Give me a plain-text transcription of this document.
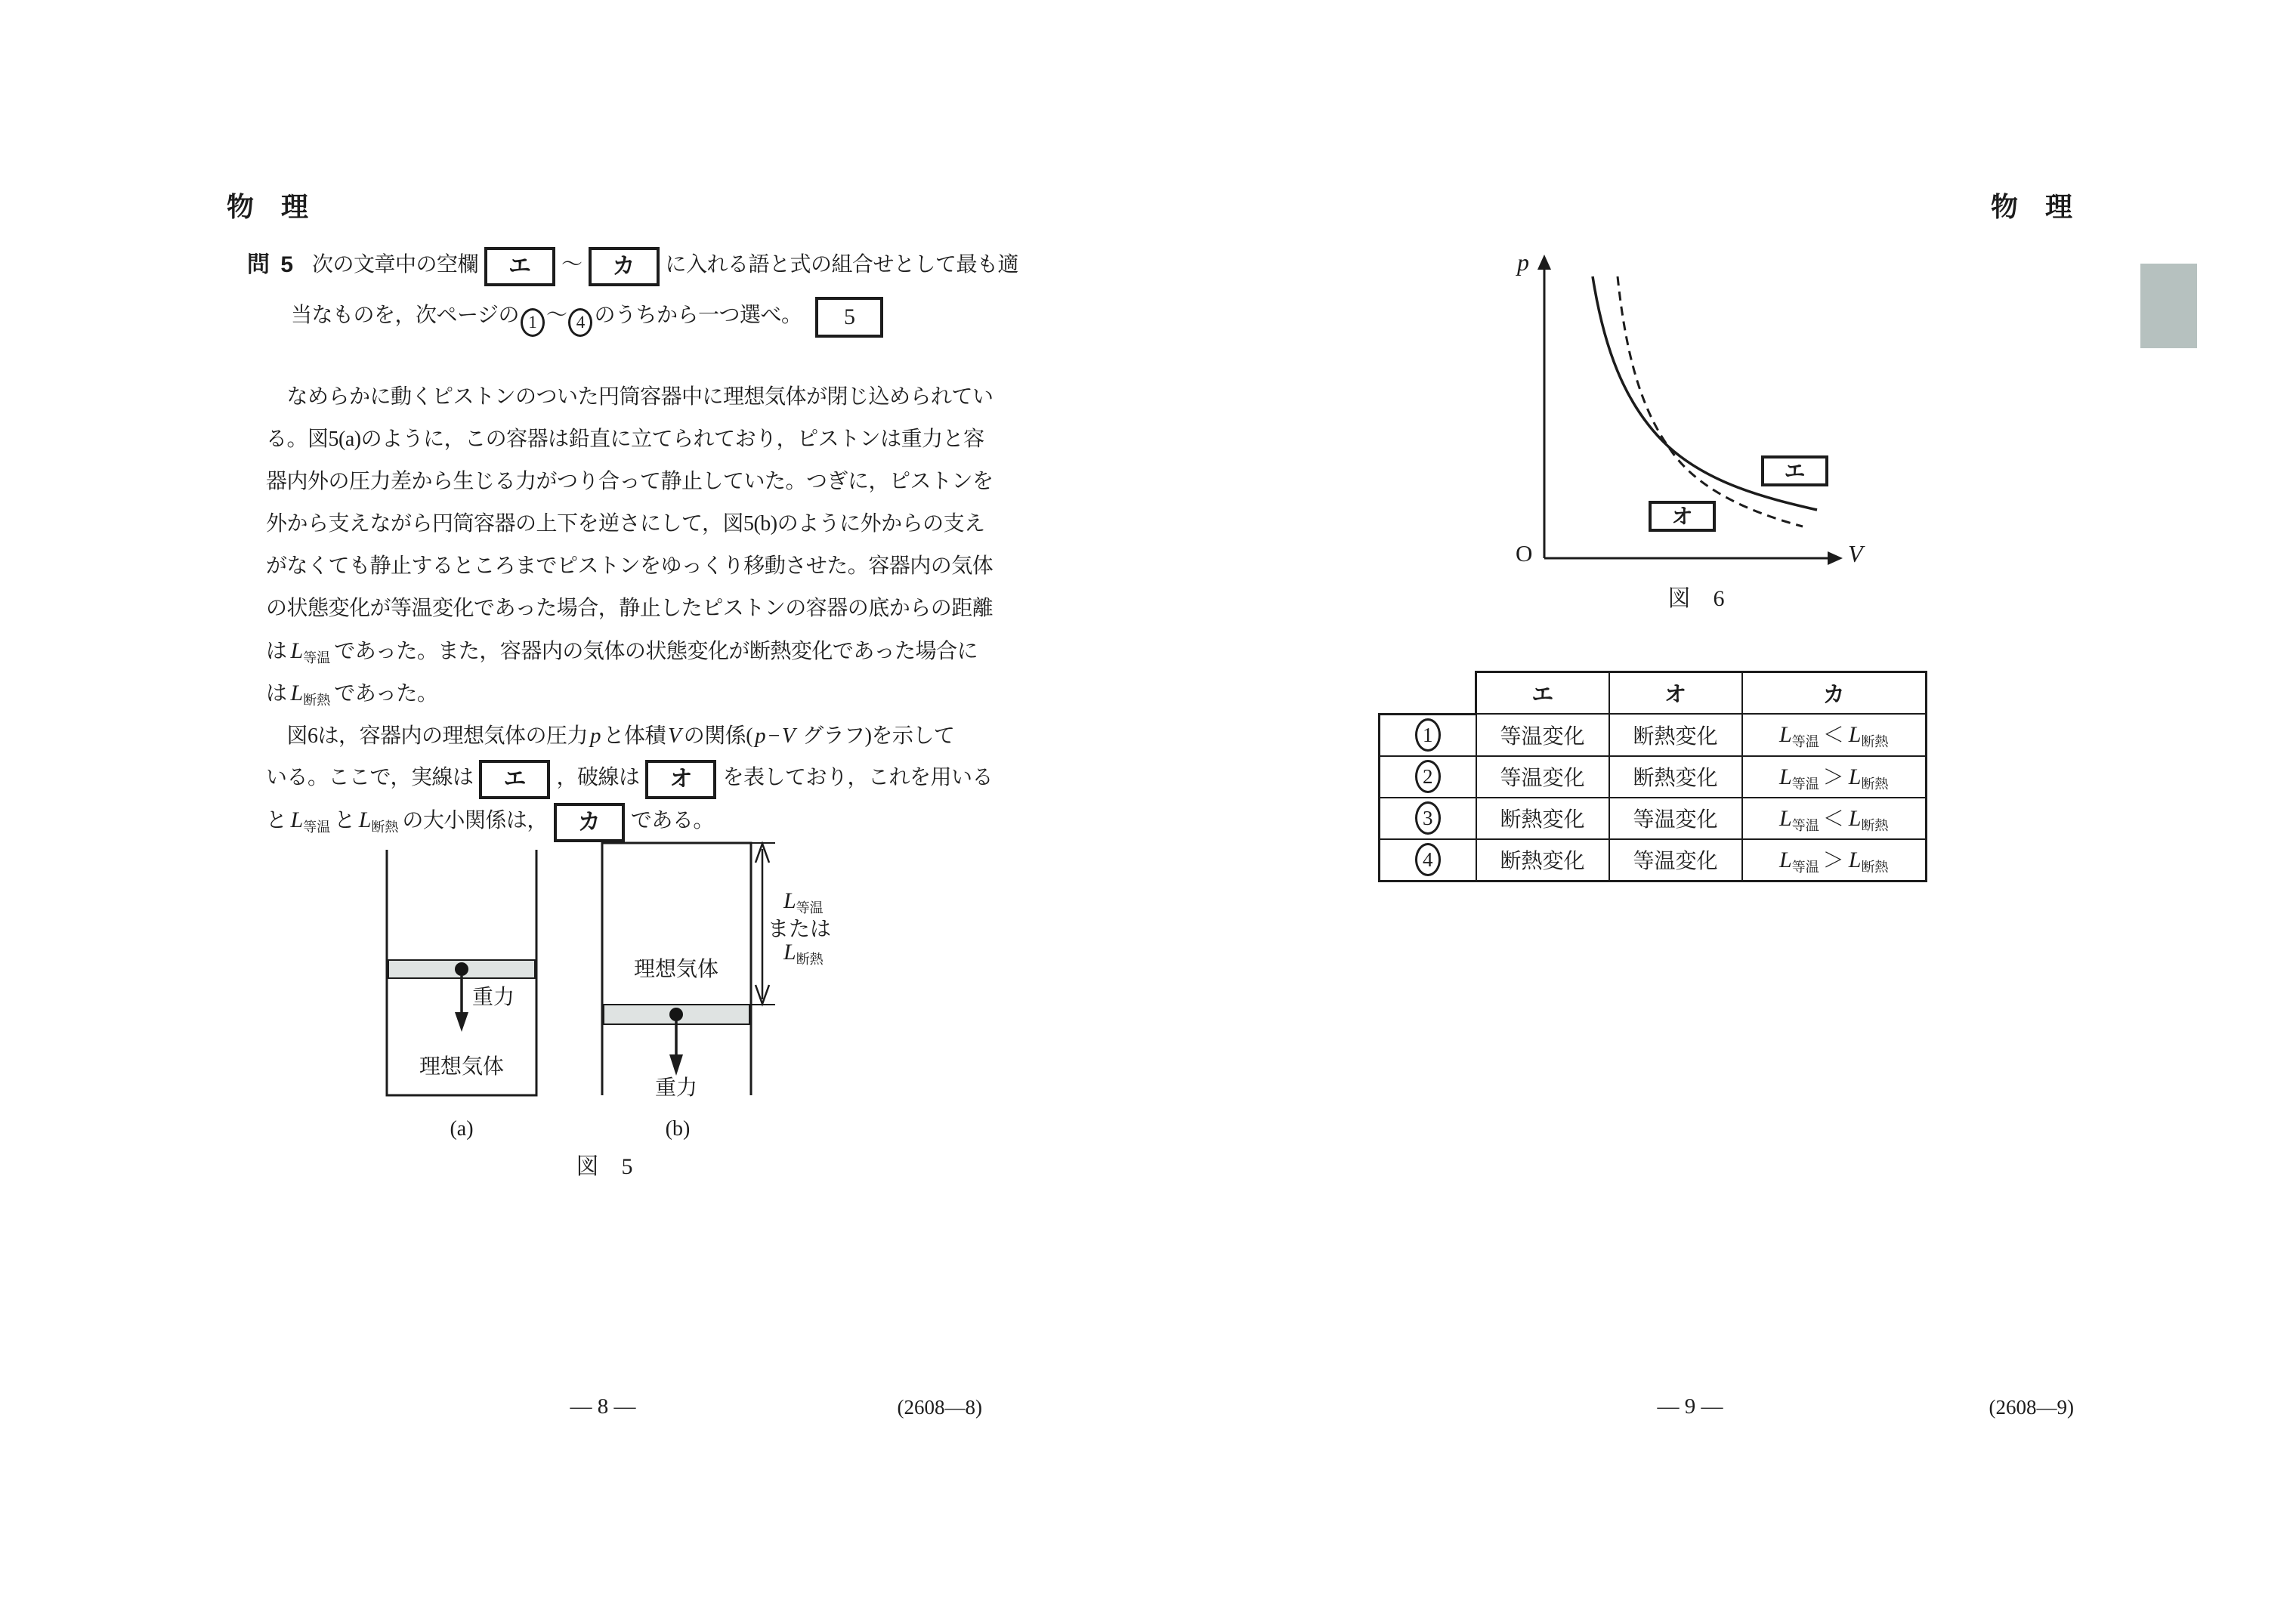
物　理
問 5 次の文章中の空欄 エ ～ カ に入れる語と式の組合せとして最も適
当なものを，次ページの 1 ～ 4 のうちから一つ選べ。 5
　なめらかに動くピストンのついた円筒容器中に理想気体が閉じ込められてい
る。図5(a)のように，この容器は鉛直に立てられており，ピストンは重力と容
器内外の圧力差から生じる力がつり合って静止していた。つぎに，ピストンを
外から支えながら円筒容器の上下を逆さにして，図5(b)のように外からの支え
がなくても静止するところまでピストンをゆっくり移動させた。容器内の気体
の状態変化が等温変化であった場合，静止したピストンの容器の底からの距離
は $L_{等温}$ であった。また，容器内の気体の状態変化が断熱変化であった場合に
は $L_{断熱}$ であった。
　図6は，容器内の理想気体の圧力 p と体積 V の関係( p − V グラフ)を示して
いる。ここで，実線は エ ，破線は オ を表しており，これを用いる
と $L_{等温}$ と $L_{断熱}$ の大小関係は， カ である。
重力
理想気体
(a)
理想気体
重力
(b)
$L_{等温}$
または
$L_{断熱}$
図　5
— 8 —	(2608—8)
物　理
p
O	V
エ
オ
図　6
	エ	オ	カ
1	等温変化	断熱変化	$L_{等温} < L_{断熱}$
2	等温変化	断熱変化	$L_{等温} > L_{断熱}$
3	断熱変化	等温変化	$L_{等温} < L_{断熱}$
4	断熱変化	等温変化	$L_{等温} > L_{断熱}$
— 9 —	(2608—9)
